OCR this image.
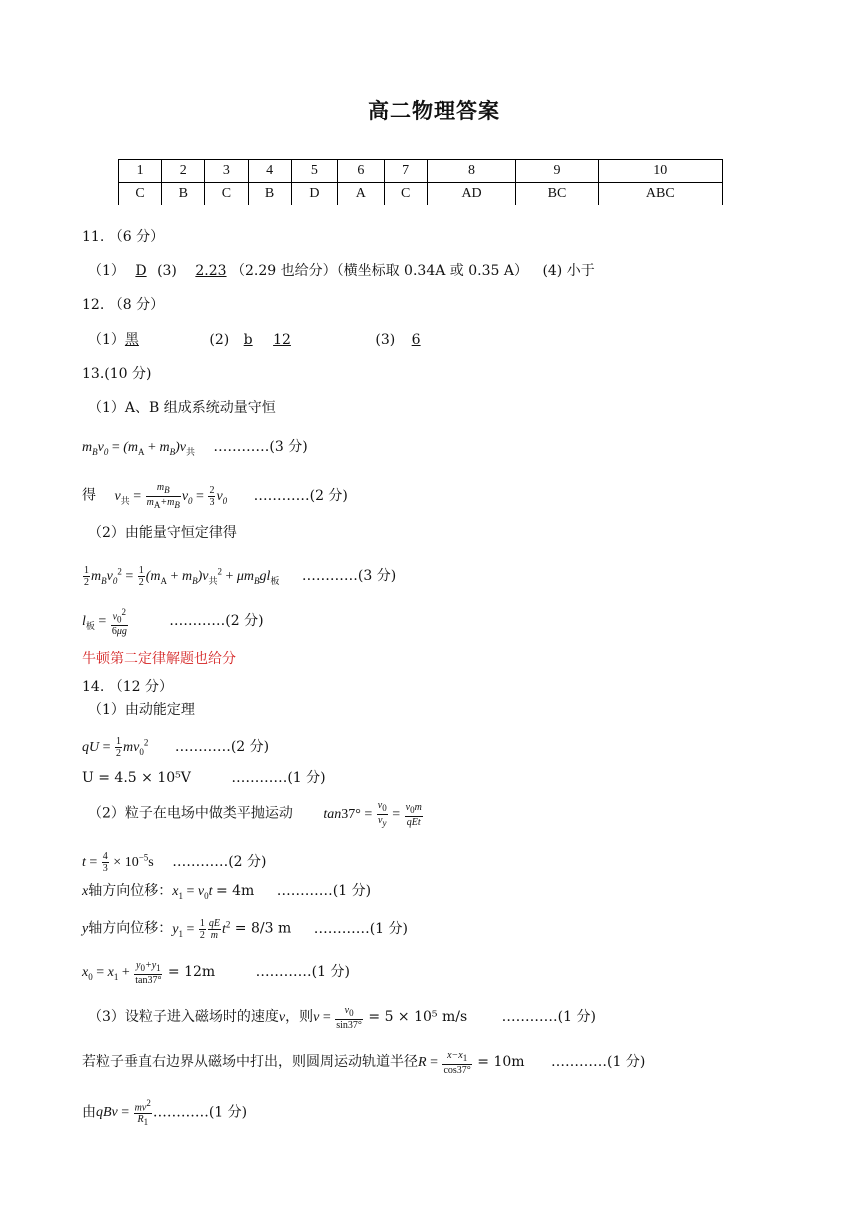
高二物理答案
1	2	3	4	5	6	7	8	9	10
C	B	C	B	D	A	C	AD	BC	ABC
11. （6 分）
（1） D (3) 2.23 （2.29 也给分）（横坐标取 0.34A 或 0.35 A） (4) 小于
12. （8 分）
（1）黑	(2) b 12	(3) 6
13.(10 分)
（1）A、B 组成系统动量守恒
$m_Bv_0 = (m_A + m_B)v_共$ …………(3 分)
得 $v_共 = \frac{m_B}{m_A+m_B} v_0 = \frac{2}{3} v_0$ …………(2 分)
（2）由能量守恒定律得
$\frac{1}{2} m_Bv_0^2 = \frac{1}{2} (m_A + m_B)v_共^2 + \mu m_Bgl_板$ …………(3 分)
$l_板 = \frac{v_0^2}{6\mu g}$	…………(2 分)
牛顿第二定律解题也给分
14. （12 分）
（1）由动能定理
qU = $\frac{1}{2} mv_0^2$ …………(2 分)
U = 4.5 × 10⁵V	…………(1 分)
（2）粒子在电场中做类平抛运动 $\tan 37^\circ = \frac{v_0}{v_y} = \frac{v_0m}{\text{qEt}}$
$t = \frac{4}{3} \times 10^{-5}s$ …………(2 分)
x轴方向位移：$x_1 = v_0t = 4m$ …………(1 分)
y轴方向位移：$y_1 = \frac{1}{2} \frac{qE}{m} t^2 = 8/3$ m …………(1 分)
$x_0 = x_1 + \frac{y_0+y_1}{\tan 37^\circ} = 12m$	…………(1 分)
（3）设粒子进入磁场时的速度v，则$v = \frac{v_0}{\sin 37^\circ} = 5 \times 10^5$ m/s …………(1 分)
若粒子垂直右边界从磁场中打出，则圆周运动轨道半径$R = \frac{x-x_1}{\cos 37^\circ} = 10m$ …………(1 分)
由qBv = $\frac{mv^2}{R_1}$ …………(1 分)
